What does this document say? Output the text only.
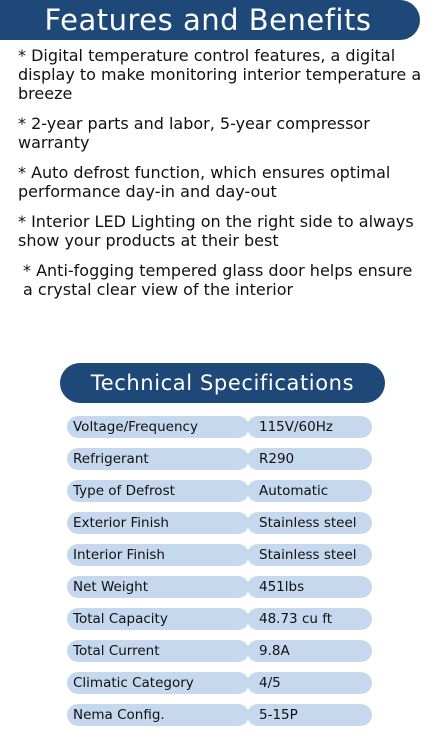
Features and Benefits
* Digital temperature control features, a digital display to make monitoring interior temperature a breeze
* 2-year parts and labor, 5-year compressor warranty
* Auto defrost function, which ensures optimal performance day-in and day-out
* Interior LED Lighting on the right side to always show your products at their best
* Anti-fogging tempered glass door helps ensure a crystal clear view of the interior
Technical Specifications
Voltage/Frequency	115V/60Hz
Refrigerant	R290
Type of Defrost	Automatic
Exterior Finish	Stainless steel
Interior Finish	Stainless steel
Net Weight	451lbs
Total Capacity	48.73 cu ft
Total Current	9.8A
Climatic Category	4/5
Nema Config.	5-15P
